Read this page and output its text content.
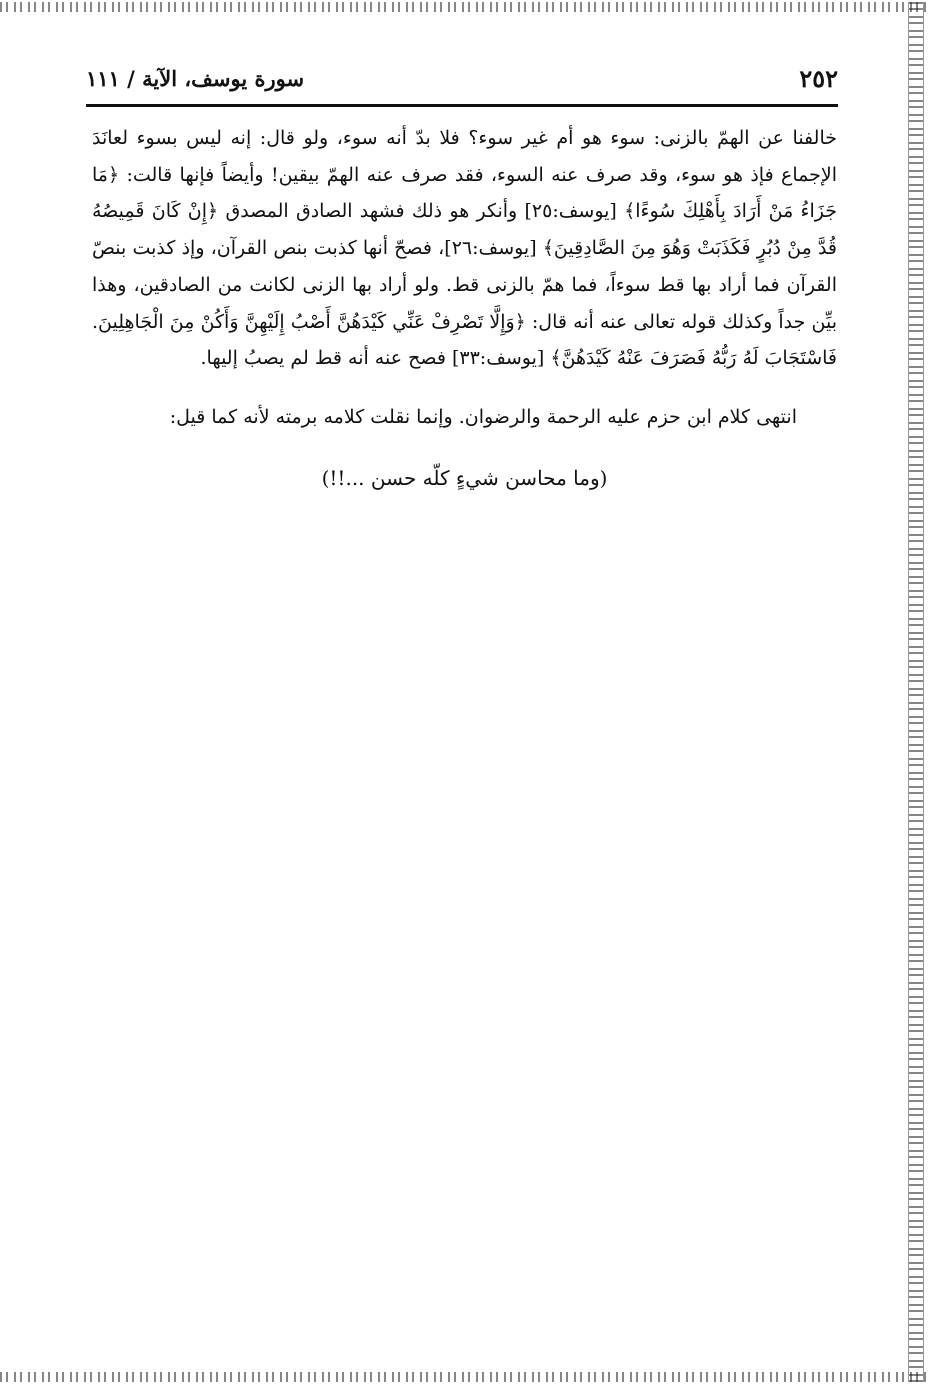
٢٥٢
سورة يوسف، الآية / ١١١

خالفنا عن الهمّ بالزنى: سوء هو أم غير سوء؟ فلا بدّ أنه سوء، ولو قال: إنه ليس بسوء لعانَدَ الإجماع فإذ هو سوء، وقد صرف عنه السوء، فقد صرف عنه الهمّ بيقين! وأيضاً فإنها قالت: ﴿مَا جَزَاءُ مَنْ أَرَادَ بِأَهْلِكَ سُوءًا﴾ [يوسف:٢٥] وأنكر هو ذلك فشهد الصادق المصدق ﴿إِنْ كَانَ قَمِيصُهُ قُدَّ مِنْ دُبُرٍ فَكَذَبَتْ وَهُوَ مِنَ الصَّادِقِينَ﴾ [يوسف:٢٦]، فصحّ أنها كذبت بنص القرآن، وإذ كذبت بنصّ القرآن فما أراد بها قط سوءاً، فما همّ بالزنى قط. ولو أراد بها الزنى لكانت من الصادقين، وهذا بيِّن جداً وكذلك قوله تعالى عنه أنه قال: ﴿وَإِلَّا تَصْرِفْ عَنِّي كَيْدَهُنَّ أَصْبُ إِلَيْهِنَّ وَأَكُنْ مِنَ الْجَاهِلِينَ. فَاسْتَجَابَ لَهُ رَبُّهُ فَصَرَفَ عَنْهُ كَيْدَهُنَّ﴾ [يوسف:٣٣] فصح عنه أنه قط لم يصبُ إليها.

انتهى كلام ابن حزم عليه الرحمة والرضوان. وإنما نقلت كلامه برمته لأنه كما قيل:

(وما محاسن شيءٍ كلّه حسن ...!!)
